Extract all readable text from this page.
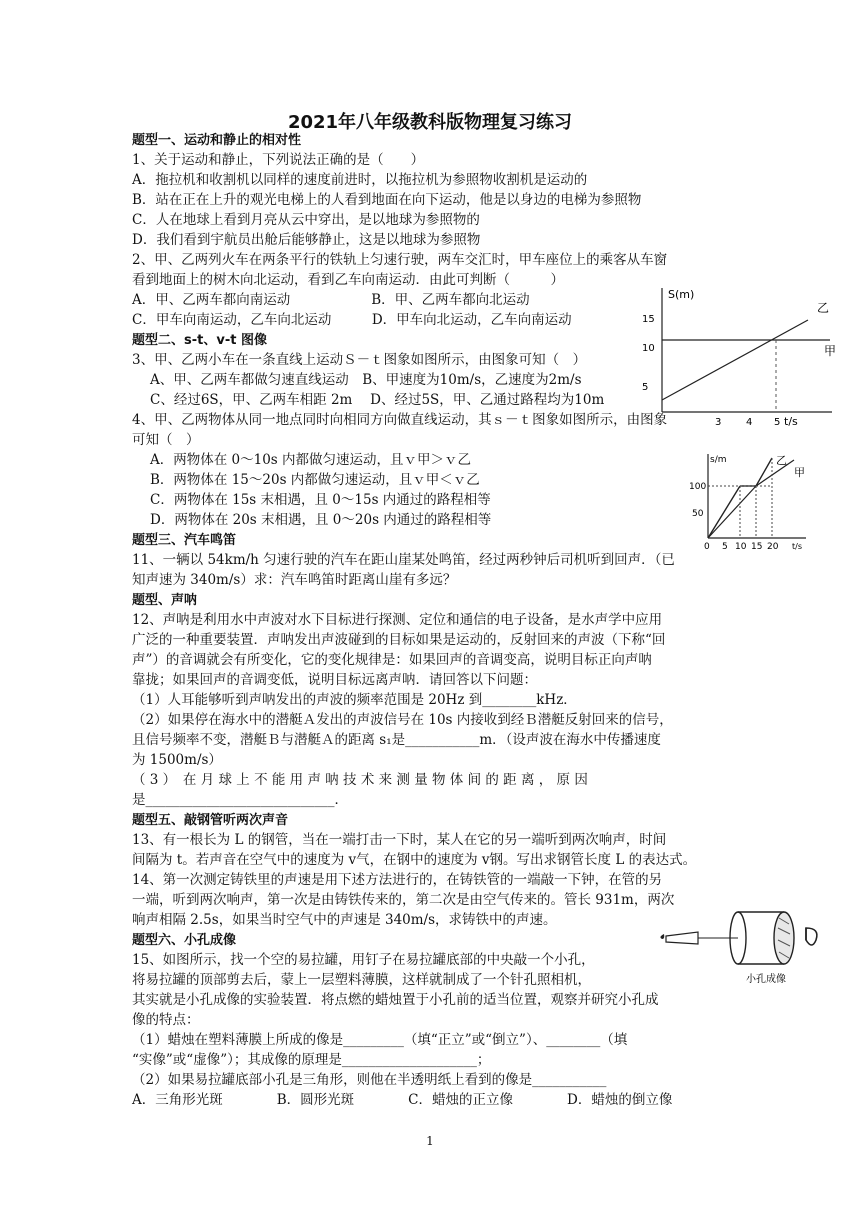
2021年八年级教科版物理复习练习
题型一、运动和静止的相对性
1、关于运动和静止，下列说法正确的是（　　）
A．拖拉机和收割机以同样的速度前进时，以拖拉机为参照物收割机是运动的
B．站在正在上升的观光电梯上的人看到地面在向下运动，他是以身边的电梯为参照物
C．人在地球上看到月亮从云中穿出，是以地球为参照物的
D．我们看到宇航员出舱后能够静止，这是以地球为参照物
2、甲、乙两列火车在两条平行的铁轨上匀速行驶，两车交汇时，甲车座位上的乘客从车窗
看到地面上的树木向北运动，看到乙车向南运动．由此可判断（　　　）
A．甲、乙两车都向南运动　　　　　　B．甲、乙两车都向北运动
C．甲车向南运动，乙车向北运动　　　D．甲车向北运动，乙车向南运动
题型二、s-t、v-t 图像
3、甲、乙两小车在一条直线上运动Ｓ－ｔ图象如图所示，由图象可知（　）
A、甲、乙两车都做匀速直线运动　B、甲速度为10m/s，乙速度为2m/s
C、经过6S，甲、乙两车相距 2m　 D、经过5S，甲、乙通过路程均为10m
4、甲、乙两物体从同一地点同时向相同方向做直线运动，其ｓ－ｔ图象如图所示，由图象
可知（　）
A．两物体在 0～10s 内都做匀速运动，且ｖ甲＞ｖ乙
B．两物体在 15～20s 内都做匀速运动，且ｖ甲＜ｖ乙
C．两物体在 15s 末相遇，且 0～15s 内通过的路程相等
D．两物体在 20s 末相遇，且 0～20s 内通过的路程相等
题型三、汽车鸣笛
11、一辆以 54km/h 匀速行驶的汽车在距山崖某处鸣笛，经过两秒钟后司机听到回声．（已
知声速为 340m/s）求：汽车鸣笛时距离山崖有多远？
题型、声呐
12、声呐是利用水中声波对水下目标进行探测、定位和通信的电子设备，是水声学中应用
广泛的一种重要装置．声呐发出声波碰到的目标如果是运动的，反射回来的声波（下称“回
声”）的音调就会有所变化，它的变化规律是：如果回声的音调变高，说明目标正向声呐
靠拢；如果回声的音调变低，说明目标远离声呐．请回答以下问题：
（1）人耳能够听到声呐发出的声波的频率范围是 20Hz 到________kHz．
（2）如果停在海水中的潜艇Ａ发出的声波信号在 10s 内接收到经Ｂ潜艇反射回来的信号，
且信号频率不变，潜艇Ｂ与潜艇Ａ的距离 s₁是___________m．（设声波在海水中传播速度
为 1500m/s）
（ 3 ）　在 月 球 上 不 能 用 声 呐 技 术 来 测 量 物 体 间 的 距 离 ， 原 因
是____________________________．
题型五、敲钢管听两次声音
13、有一根长为 L 的钢管，当在一端打击一下时，某人在它的另一端听到两次响声，时间
间隔为 t。若声音在空气中的速度为 v气，在钢中的速度为 v钢。写出求钢管长度 L 的表达式。
14、第一次测定铸铁里的声速是用下述方法进行的，在铸铁管的一端敲一下钟，在管的另
一端，听到两次响声，第一次是由铸铁传来的，第二次是由空气传来的。管长 931m，两次
响声相隔 2.5s，如果当时空气中的声速是 340m/s，求铸铁中的声速。
题型六、小孔成像
15、如图所示，找一个空的易拉罐，用钉子在易拉罐底部的中央敲一个小孔，
将易拉罐的顶部剪去后，蒙上一层塑料薄膜，这样就制成了一个针孔照相机，
其实就是小孔成像的实验装置．将点燃的蜡烛置于小孔前的适当位置，观察并研究小孔成
像的特点：
（1）蜡烛在塑料薄膜上所成的像是_________（填“正立”或“倒立”）、________（填
“实像”或“虚像”）；其成像的原理是____________________；
（2）如果易拉罐底部小孔是三角形，则他在半透明纸上看到的像是___________
A．三角形光斑　　　　B．圆形光斑　　　　C．蜡烛的正立像　　　　D．蜡烛的倒立像
S(m)
5
10
15
3 4 5 t/s
乙
甲
s/m
50
100
0 5 10 15 20 t/s
乙
甲
小孔成像
1
